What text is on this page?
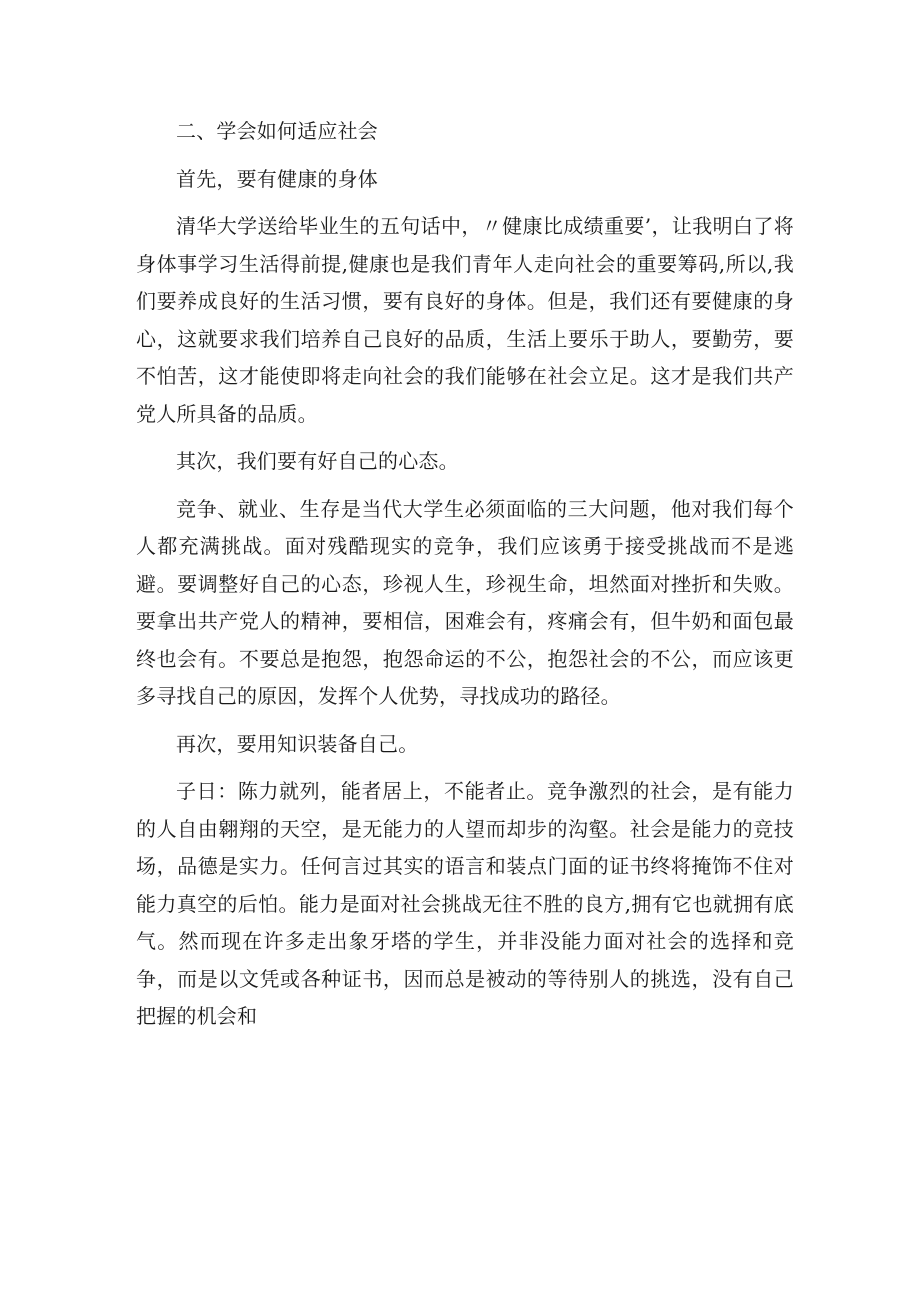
二、学会如何适应社会

首先，要有健康的身体

清华大学送给毕业生的五句话中，〃健康比成绩重要’，让我明白了将身体事学习生活得前提,健康也是我们青年人走向社会的重要筹码,所以,我们要养成良好的生活习惯，要有良好的身体。但是，我们还有要健康的身心，这就要求我们培养自己良好的品质，生活上要乐于助人，要勤劳，要不怕苦，这才能使即将走向社会的我们能够在社会立足。这才是我们共产党人所具备的品质。

其次，我们要有好自己的心态。

竞争、就业、生存是当代大学生必须面临的三大问题，他对我们每个人都充满挑战。面对残酷现实的竞争，我们应该勇于接受挑战而不是逃避。要调整好自己的心态，珍视人生，珍视生命，坦然面对挫折和失败。要拿出共产党人的精神，要相信，困难会有，疼痛会有，但牛奶和面包最终也会有。不要总是抱怨，抱怨命运的不公，抱怨社会的不公，而应该更多寻找自己的原因，发挥个人优势，寻找成功的路径。

再次，要用知识装备自己。

子日：陈力就列，能者居上，不能者止。竞争激烈的社会，是有能力的人自由翱翔的天空，是无能力的人望而却步的沟壑。社会是能力的竞技场，品德是实力。任何言过其实的语言和装点门面的证书终将掩饰不住对能力真空的后怕。能力是面对社会挑战无往不胜的良方,拥有它也就拥有底气。然而现在许多走出象牙塔的学生，并非没能力面对社会的选择和竞争，而是以文凭或各种证书，因而总是被动的等待别人的挑选，没有自己把握的机会和
